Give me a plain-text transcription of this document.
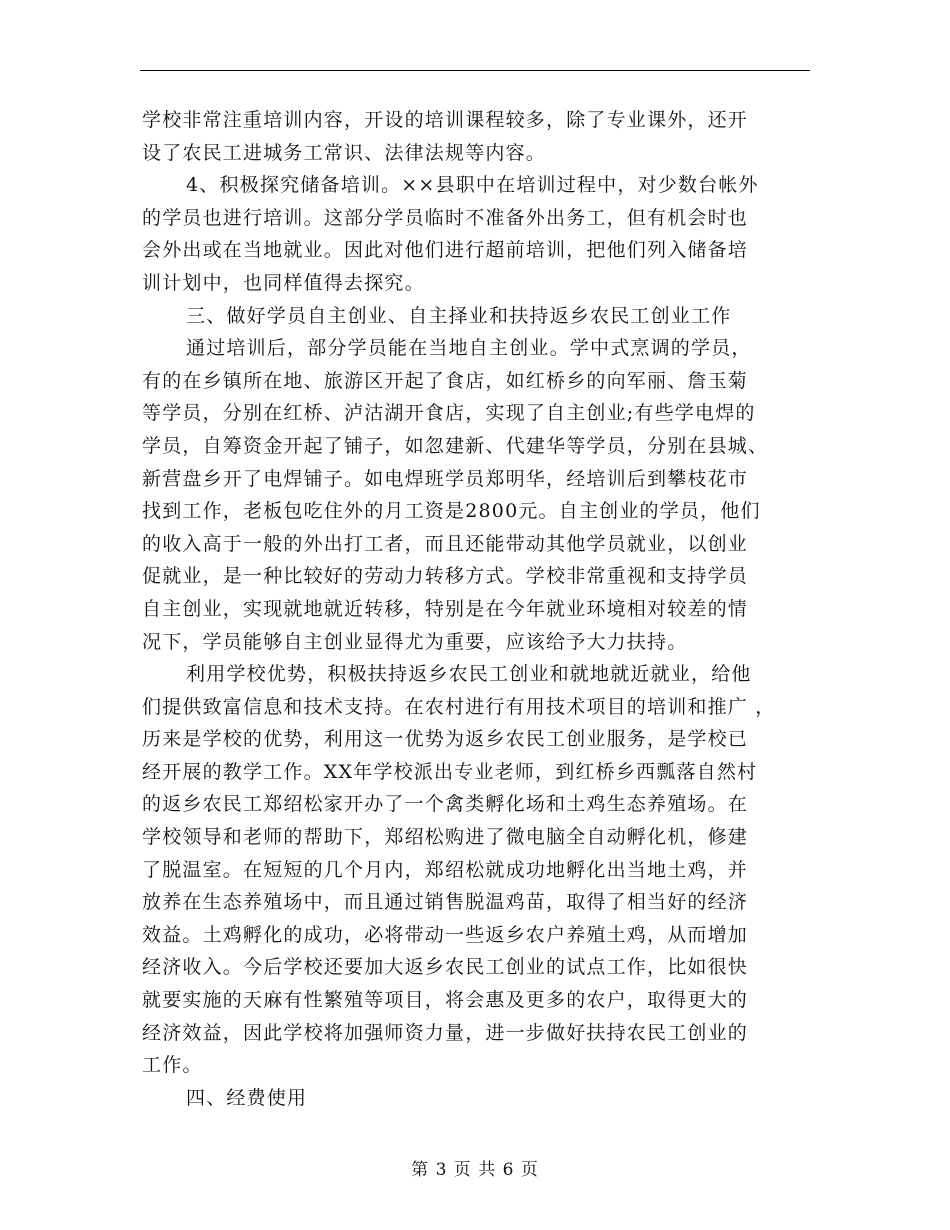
学校非常注重培训内容，开设的培训课程较多，除了专业课外，还开
设了农民工进城务工常识、法律法规等内容。
4、积极探究储备培训。××县职中在培训过程中，对少数台帐外
的学员也进行培训。这部分学员临时不准备外出务工，但有机会时也
会外出或在当地就业。因此对他们进行超前培训，把他们列入储备培
训计划中，也同样值得去探究。
三、做好学员自主创业、自主择业和扶持返乡农民工创业工作
通过培训后，部分学员能在当地自主创业。学中式烹调的学员，
有的在乡镇所在地、旅游区开起了食店，如红桥乡的向军丽、詹玉菊
等学员，分别在红桥、泸沽湖开食店，实现了自主创业;有些学电焊的
学员，自筹资金开起了铺子，如忽建新、代建华等学员，分别在县城、
新营盘乡开了电焊铺子。如电焊班学员郑明华，经培训后到攀枝花市
找到工作，老板包吃住外的月工资是2800元。自主创业的学员，他们
的收入高于一般的外出打工者，而且还能带动其他学员就业，以创业
促就业，是一种比较好的劳动力转移方式。学校非常重视和支持学员
自主创业，实现就地就近转移，特别是在今年就业环境相对较差的情
况下，学员能够自主创业显得尤为重要，应该给予大力扶持。
利用学校优势，积极扶持返乡农民工创业和就地就近就业，给他
们提供致富信息和技术支持。在农村进行有用技术项目的培训和推广 ，
历来是学校的优势，利用这一优势为返乡农民工创业服务，是学校已
经开展的教学工作。XX年学校派出专业老师，到红桥乡西瓢落自然村
的返乡农民工郑绍松家开办了一个禽类孵化场和土鸡生态养殖场。在
学校领导和老师的帮助下，郑绍松购进了微电脑全自动孵化机，修建
了脱温室。在短短的几个月内，郑绍松就成功地孵化出当地土鸡，并
放养在生态养殖场中，而且通过销售脱温鸡苗，取得了相当好的经济
效益。土鸡孵化的成功，必将带动一些返乡农户养殖土鸡，从而增加
经济收入。今后学校还要加大返乡农民工创业的试点工作，比如很快
就要实施的天麻有性繁殖等项目，将会惠及更多的农户，取得更大的
经济效益，因此学校将加强师资力量，进一步做好扶持农民工创业的
工作。
四、经费使用
第 3 页 共 6 页
